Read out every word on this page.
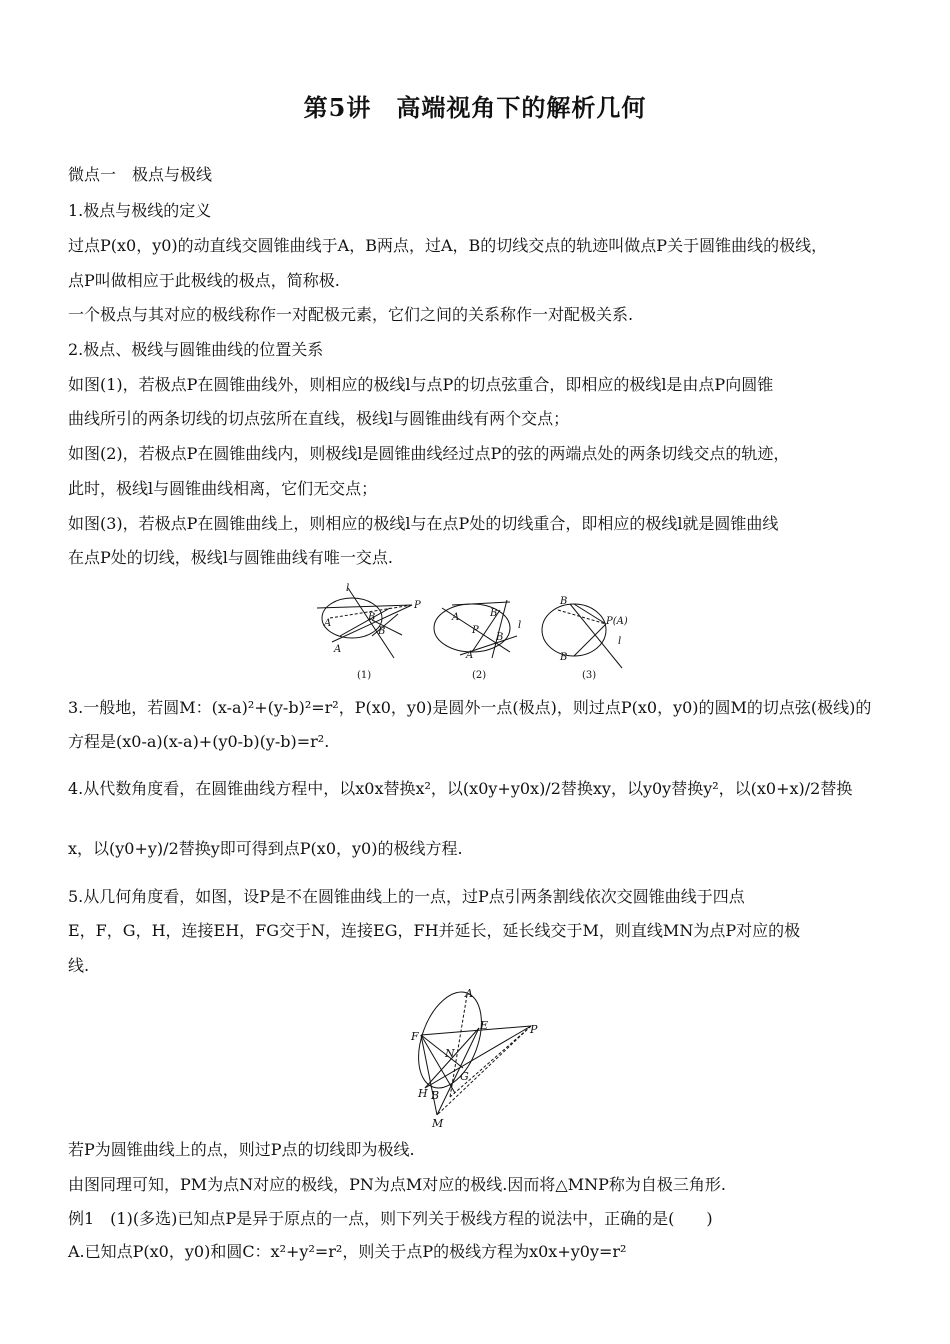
第5讲　高端视角下的解析几何
微点一　极点与极线
1.极点与极线的定义
过点P(x0，y0)的动直线交圆锥曲线于A，B两点，过A，B的切线交点的轨迹叫做点P关于圆锥曲线的极线，
点P叫做相应于此极线的极点，简称极.
一个极点与其对应的极线称作一对配极元素，它们之间的关系称作一对配极关系.
2.极点、极线与圆锥曲线的位置关系
如图(1)，若极点P在圆锥曲线外，则相应的极线l与点P的切点弦重合，即相应的极线l是由点P向圆锥
曲线所引的两条切线的切点弦所在直线，极线l与圆锥曲线有两个交点；
如图(2)，若极点P在圆锥曲线内，则极线l是圆锥曲线经过点P的弦的两端点处的两条切线交点的轨迹，
此时，极线l与圆锥曲线相离，它们无交点；
如图(3)，若极点P在圆锥曲线上，则相应的极线l与在点P处的切线重合，即相应的极线l就是圆锥曲线
在点P处的切线，极线l与圆锥曲线有唯一交点.
P
l
A
B
B
A
A	B
P
B
l
A
B
P(A)
l
B
(1)	(2)	(3)
3.一般地，若圆M：(x-a)²+(y-b)²=r²，P(x0，y0)是圆外一点(极点)，则过点P(x0，y0)的圆M的切点弦(极线)的
方程是(x0-a)(x-a)+(y0-b)(y-b)=r².
4.从代数角度看，在圆锥曲线方程中，以x0x替换x²，以(x0y+y0x)/2替换xy，以y0y替换y²，以(x0+x)/2替换
x，以(y0+y)/2替换y即可得到点P(x0，y0)的极线方程.
5.从几何角度看，如图，设P是不在圆锥曲线上的一点，过P点引两条割线依次交圆锥曲线于四点
E，F，G，H，连接EH，FG交于N，连接EG，FH并延长，延长线交于M，则直线MN为点P对应的极
线.
A
E	P
F
N
G
H B
M
若P为圆锥曲线上的点，则过P点的切线即为极线.
由图同理可知，PM为点N对应的极线，PN为点M对应的极线.因而将△MNP称为自极三角形.
例1　(1)(多选)已知点P是异于原点的一点，则下列关于极线方程的说法中，正确的是(　　)
A.已知点P(x0，y0)和圆C：x²+y²=r²，则关于点P的极线方程为x0x+y0y=r²
